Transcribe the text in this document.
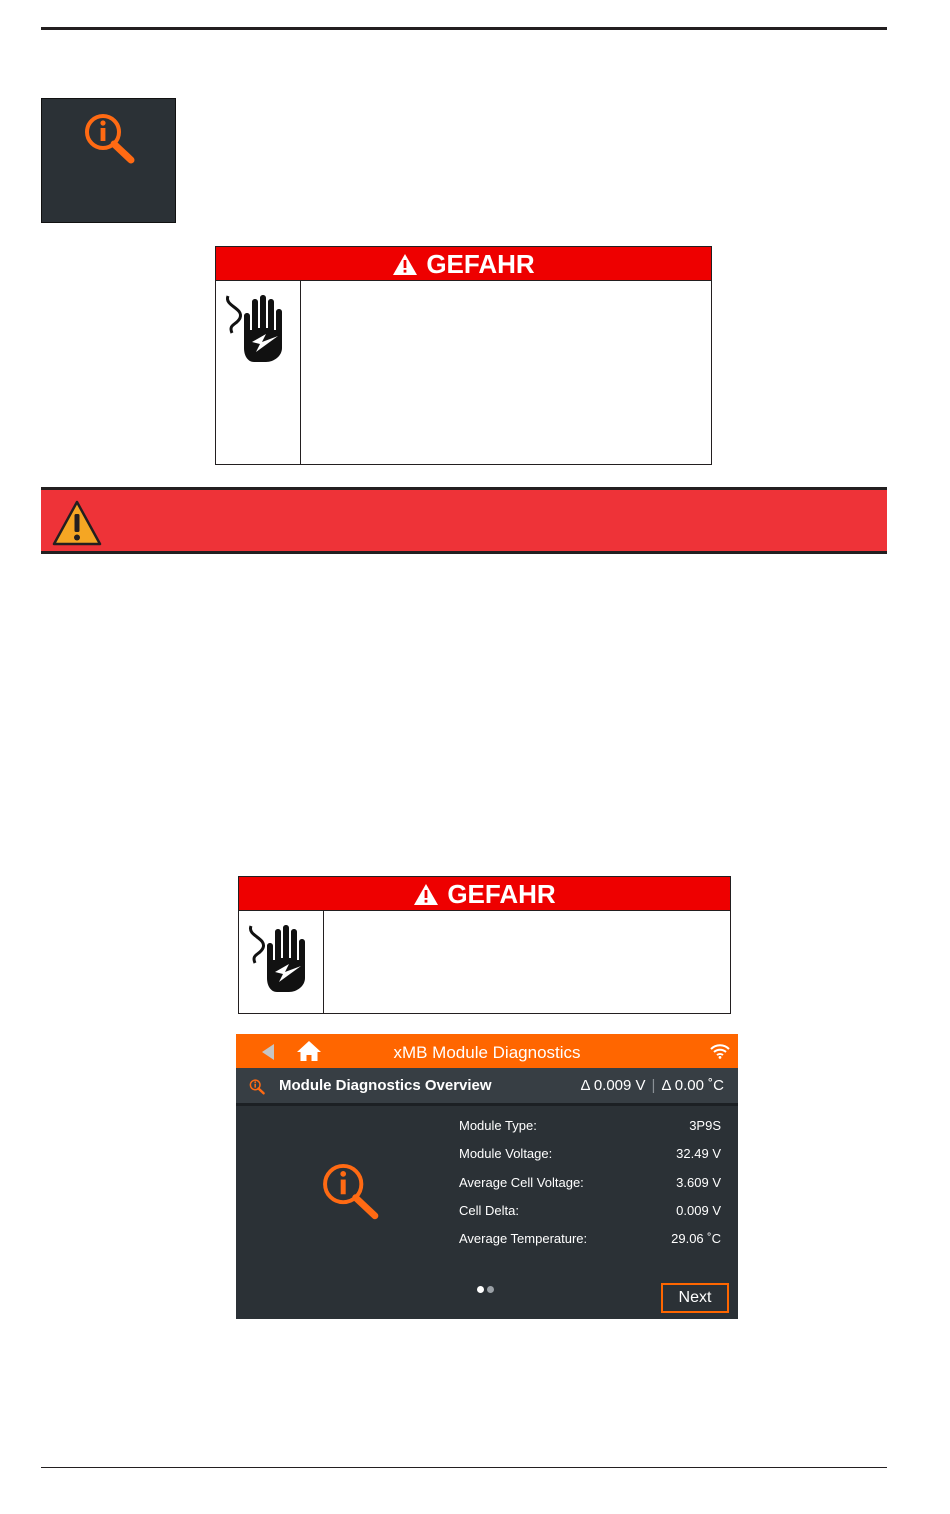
GEFAHR
GEFAHR
xMB Module Diagnostics
Module Diagnostics Overview	Δ 0.009 V | Δ 0.00 ˚C
Module Type:	3P9S
Module Voltage:	32.49 V
Average Cell Voltage:	3.609 V
Cell Delta:	0.009 V
Average Temperature:	29.06 ˚C
Next
